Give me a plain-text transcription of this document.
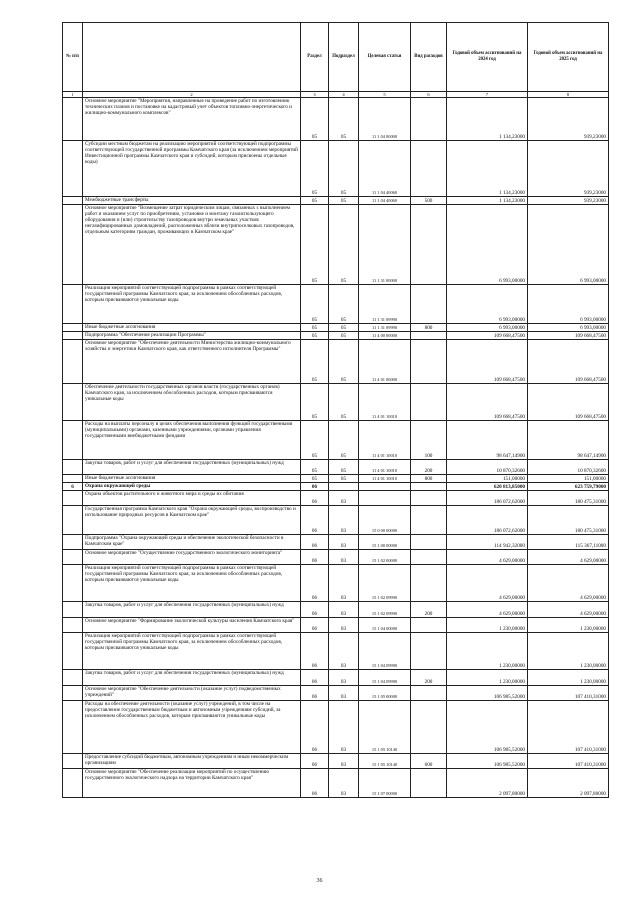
№ п/п		Раздел	Подраздел	Целевая статья	Вид расходов	Годовой объем ассигнований на 2024 год	Годовой объем ассигнований на 2025 год
1	2	3	4	5	6	7	8
	Основное мероприятие "Мероприятия, направленные на проведение работ по изготовлению технических планов и постановке на кадастровый учет объектов топливно-энергетического и жилищно-коммунального комплексов"	05	05	11 1 04 00000		1 134,23000	939,23000
	Субсидии местным бюджетам на реализацию мероприятий соответствующей подпрограммы соответствующей государственной программы Камчатского края (за исключением мероприятий Инвестиционной программы Камчатского края и субсидий, которым присвоены отдельные коды)	05	05	11 1 04 40060		1 134,23000	939,23000
	Межбюджетные трансферты	05	05	11 1 04 40060	500	1 134,23000	939,23000
	Основное мероприятие "Возмещение затрат юридическим лицам, связанных с выполнением работ и оказанием услуг по приобретению, установке и монтажу газоиспользующего оборудования и (или) строительству газопроводов внутри земельных участков негазифицированных домовладений, расположенных вблизи внутрипоселковых газопроводов, отдельным категориям граждан, проживающих в Камчатском крае"	05	05	11 1 31 00000		6 993,00000	6 993,00000
	Реализация мероприятий соответствующей подпрограммы в рамках соответствующей государственной программы Камчатского края, за исключением обособленных расходов, которым присваиваются уникальные коды	05	05	11 1 31 09990		6 993,00000	6 993,00000
	Иные бюджетные ассигнования	05	05	11 1 31 09990	800	6 993,00000	6 993,00000
	Подпрограмма "Обеспечение реализации Программы"	05	05	11 4 00 00000		109 668,47500	109 668,47500
	Основное мероприятие "Обеспечение деятельности Министерства жилищно-коммунального хозяйства и энергетики Камчатского края, как ответственного исполнителя Программы"	05	05	11 4 01 00000		109 668,47500	109 668,47500
	Обеспечение деятельности государственных органов власти (государственных органов) Камчатского края, за исключением обособленных расходов, которым присваиваются уникальные коды	05	05	11 4 01 10010		109 668,47500	109 668,47500
	Расходы на выплаты персоналу в целях обеспечения выполнения функций государственными (муниципальными) органами, казенными учреждениями, органами управления государственными внебюджетными фондами	05	05	11 4 01 10010	100	98 647,14900	98 647,14900
	Закупка товаров, работ и услуг для обеспечения государственных (муниципальных) нужд	05	05	11 4 01 10010	200	10 870,32600	10 870,32600
	Иные бюджетные ассигнования	05	05	11 4 01 10010	800	151,00000	151,00000
6	Охрана окружающей среды	06				620 813,85000	623 759,79000
	Охрана объектов растительного и животного мира и среды их обитания	06	03			186 072,62000	180 475,31000
	Государственная программа Камчатского края "Охрана окружающей среды, воспроизводство и использование природных ресурсов в Камчатском крае"	06	03	15 0 00 00000		186 072,62000	180 475,31000
	Подпрограмма "Охрана окружающей среды и обеспечение экологической безопасности в Камчатском крае"	06	03	15 1 00 00000		114 942,32000	115 367,11000
	Основное мероприятие "Осуществление государственного экологического мониторинга"	06	03	15 1 02 00000		4 629,00000	4 629,00000
	Реализация мероприятий соответствующей подпрограммы в рамках соответствующей государственной программы Камчатского края, за исключением обособленных расходов, которым присваиваются уникальные коды	06	03	15 1 02 09990		4 629,00000	4 629,00000
	Закупка товаров, работ и услуг для обеспечения государственных (муниципальных) нужд	06	03	15 1 02 09990	200	4 629,00000	4 629,00000
	Основное мероприятие "Формирование экологической культуры населения Камчатского края"	06	03	15 1 04 00000		1 230,00000	1 230,00000
	Реализация мероприятий соответствующей подпрограммы в рамках соответствующей государственной программы Камчатского края, за исключением обособленных расходов, которым присваиваются уникальные коды	06	03	15 1 04 09990		1 230,00000	1 230,00000
	Закупка товаров, работ и услуг для обеспечения государственных (муниципальных) нужд	06	03	15 1 04 09990	200	1 230,00000	1 230,00000
	Основное мероприятие "Обеспечение деятельности (оказание услуг) подведомственных учреждений"	06	03	15 1 05 00000		106 985,52000	107 410,31000
	Расходы на обеспечение деятельности (оказание услуг) учреждений, в том числе на предоставление государственным бюджетным и автономным учреждениям субсидий, за исключением обособленных расходов, которым присваиваются уникальные коды	06	03	15 1 05 10140		106 985,52000	107 410,31000
	Предоставление субсидий бюджетным, автономным учреждениям и иным некоммерческим организациям	06	03	15 1 05 10140	600	106 985,52000	107 410,31000
	Основное мероприятие "Обеспечение реализации мероприятий по осуществлению государственного экологического надзора на территории Камчатского края"	06	03	15 1 07 00000		2 097,80000	2 097,80000
36
